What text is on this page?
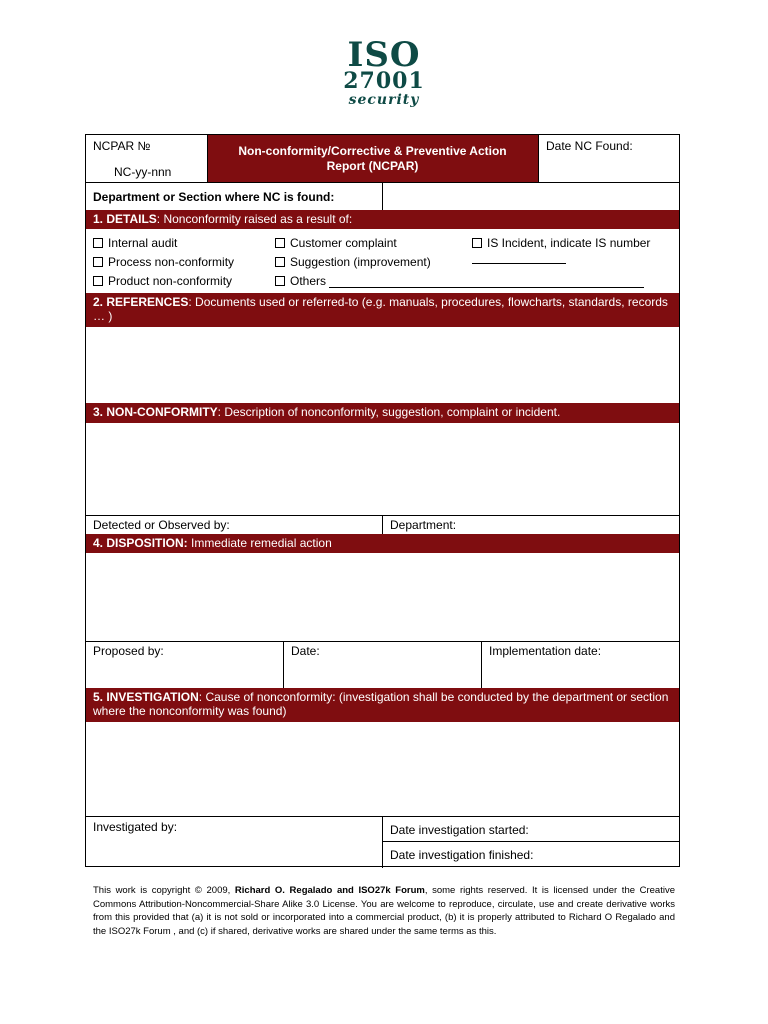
ISO
27001
security
NCPAR №
NC-yy-nnn
Non-conformity/Corrective & Preventive Action Report (NCPAR)
Date NC Found:
Department or Section where NC is found:
1. DETAILS: Nonconformity raised as a result of:
Internal audit
Process non-conformity
Product non-conformity
Customer complaint
Suggestion (improvement)
Others
IS Incident, indicate IS number
2. REFERENCES: Documents used or referred-to (e.g. manuals, procedures, flowcharts, standards, records … )
3. NON-CONFORMITY: Description of nonconformity, suggestion, complaint or incident.
Detected or Observed by:	Department:
4. DISPOSITION: Immediate remedial action
Proposed by:	Date:	Implementation date:
5. INVESTIGATION: Cause of nonconformity: (investigation shall be conducted by the department or section where the nonconformity was found)
Investigated by:	Date investigation started:
Date investigation finished:
This work is copyright © 2009, Richard O. Regalado and ISO27k Forum, some rights reserved. It is licensed under the Creative Commons Attribution-Noncommercial-Share Alike 3.0 License. You are welcome to reproduce, circulate, use and create derivative works from this provided that (a) it is not sold or incorporated into a commercial product, (b) it is properly attributed to Richard O Regalado and the ISO27k Forum , and (c) if shared, derivative works are shared under the same terms as this.
